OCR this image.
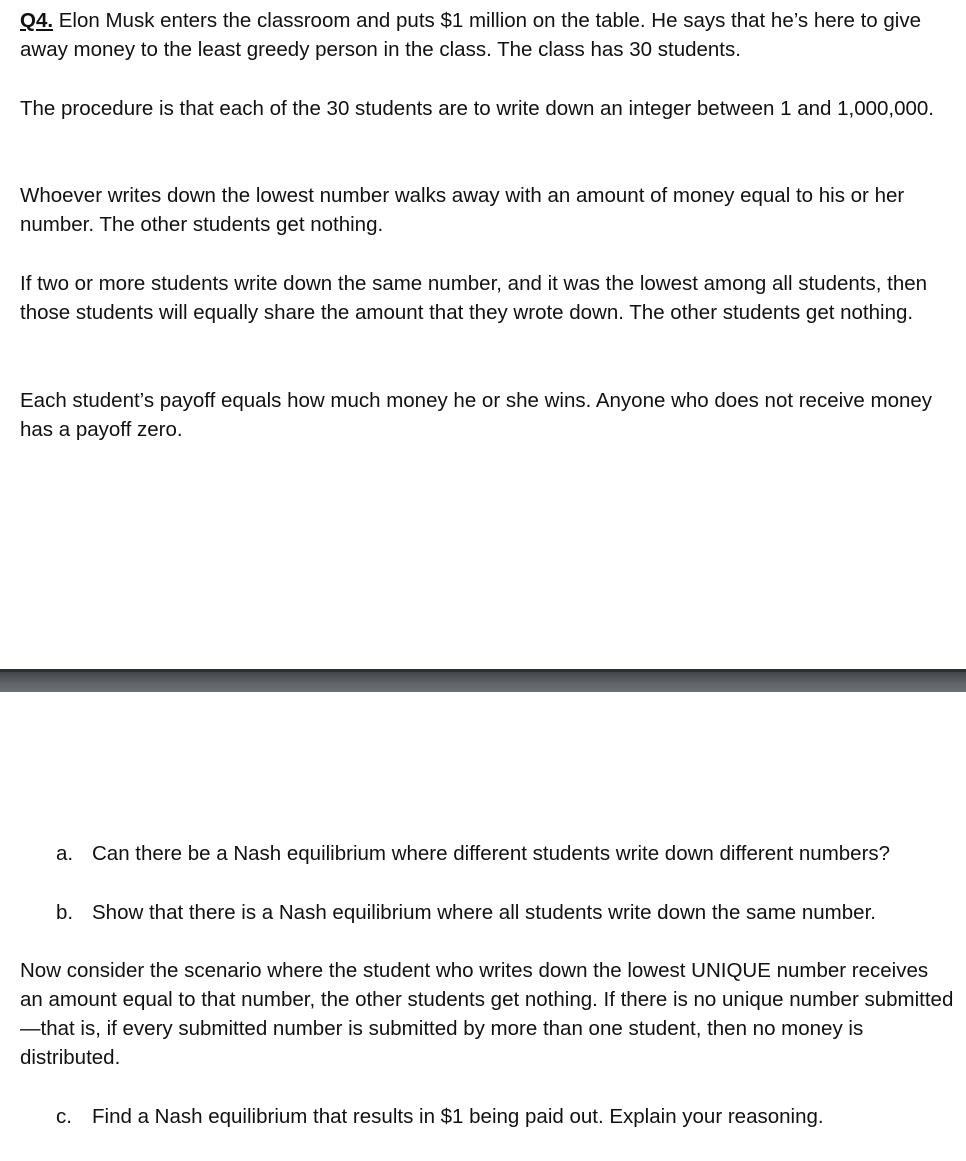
Q4. Elon Musk enters the classroom and puts $1 million on the table. He says that he’s here to give away money to the least greedy person in the class. The class has 30 students.

The procedure is that each of the 30 students are to write down an integer between 1 and 1,000,000.

Whoever writes down the lowest number walks away with an amount of money equal to his or her number. The other students get nothing.

If two or more students write down the same number, and it was the lowest among all students, then those students will equally share the amount that they wrote down. The other students get nothing.

Each student’s payoff equals how much money he or she wins. Anyone who does not receive money has a payoff zero.

a. Can there be a Nash equilibrium where different students write down different numbers?

b. Show that there is a Nash equilibrium where all students write down the same number.

Now consider the scenario where the student who writes down the lowest UNIQUE number receives an amount equal to that number, the other students get nothing. If there is no unique number submitted—that is, if every submitted number is submitted by more than one student, then no money is distributed.

c. Find a Nash equilibrium that results in $1 being paid out. Explain your reasoning.
